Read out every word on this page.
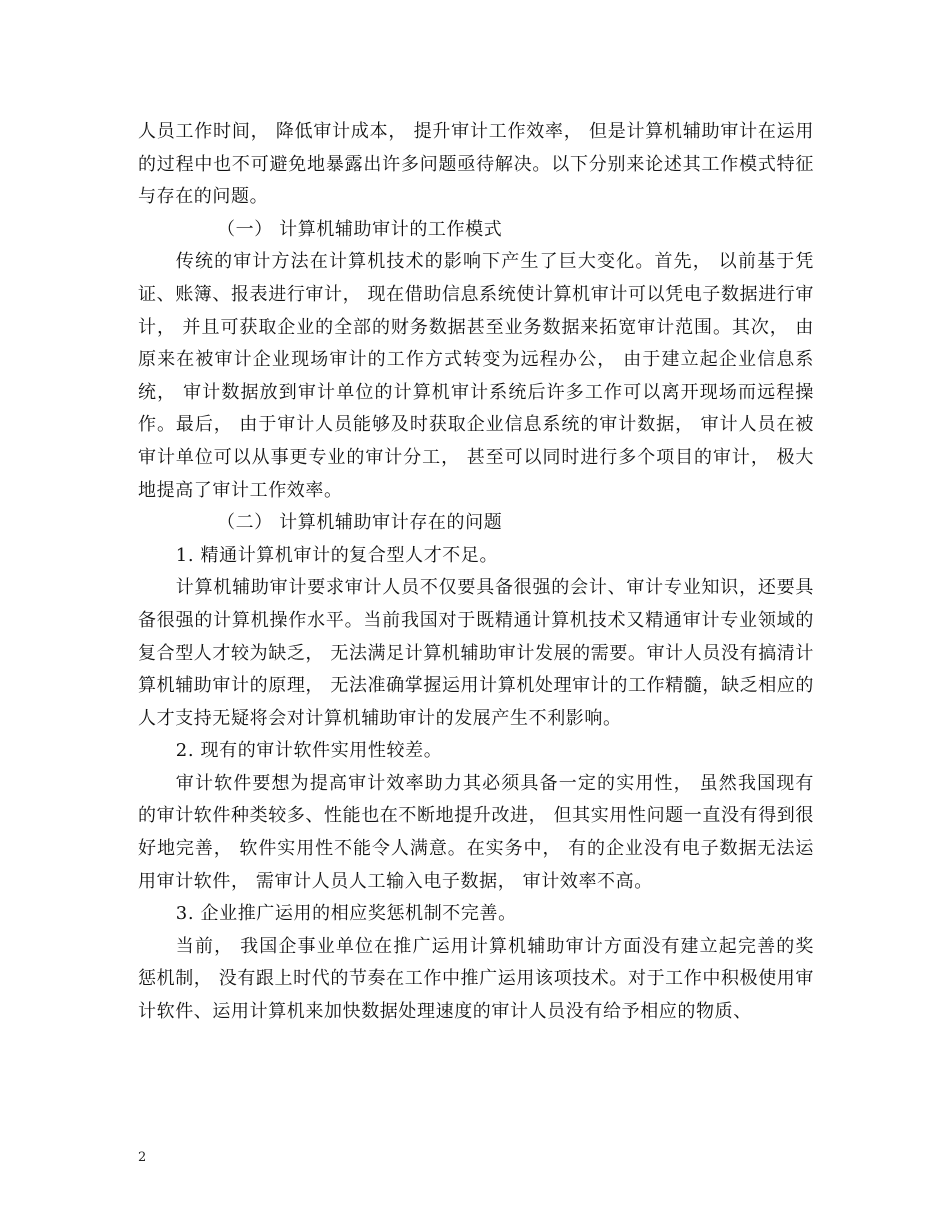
人员工作时间， 降低审计成本， 提升审计工作效率， 但是计算机辅助审计在运用的过程中也不可避免地暴露出许多问题亟待解决。以下分别来论述其工作模式特征与存在的问题。

（一） 计算机辅助审计的工作模式

传统的审计方法在计算机技术的影响下产生了巨大变化。首先， 以前基于凭证、账簿、报表进行审计， 现在借助信息系统使计算机审计可以凭电子数据进行审计， 并且可获取企业的全部的财务数据甚至业务数据来拓宽审计范围。其次， 由原来在被审计企业现场审计的工作方式转变为远程办公， 由于建立起企业信息系统， 审计数据放到审计单位的计算机审计系统后许多工作可以离开现场而远程操作。最后， 由于审计人员能够及时获取企业信息系统的审计数据， 审计人员在被审计单位可以从事更专业的审计分工， 甚至可以同时进行多个项目的审计， 极大地提高了审计工作效率。

（二） 计算机辅助审计存在的问题

1. 精通计算机审计的复合型人才不足。

计算机辅助审计要求审计人员不仅要具备很强的会计、审计专业知识，还要具备很强的计算机操作水平。当前我国对于既精通计算机技术又精通审计专业领域的复合型人才较为缺乏， 无法满足计算机辅助审计发展的需要。审计人员没有搞清计算机辅助审计的原理， 无法准确掌握运用计算机处理审计的工作精髓，缺乏相应的人才支持无疑将会对计算机辅助审计的发展产生不利影响。

2. 现有的审计软件实用性较差。

审计软件要想为提高审计效率助力其必须具备一定的实用性， 虽然我国现有的审计软件种类较多、性能也在不断地提升改进， 但其实用性问题一直没有得到很好地完善， 软件实用性不能令人满意。在实务中， 有的企业没有电子数据无法运用审计软件， 需审计人员人工输入电子数据， 审计效率不高。

3. 企业推广运用的相应奖惩机制不完善。

当前， 我国企事业单位在推广运用计算机辅助审计方面没有建立起完善的奖惩机制， 没有跟上时代的节奏在工作中推广运用该项技术。对于工作中积极使用审计软件、运用计算机来加快数据处理速度的审计人员没有给予相应的物质、

2
